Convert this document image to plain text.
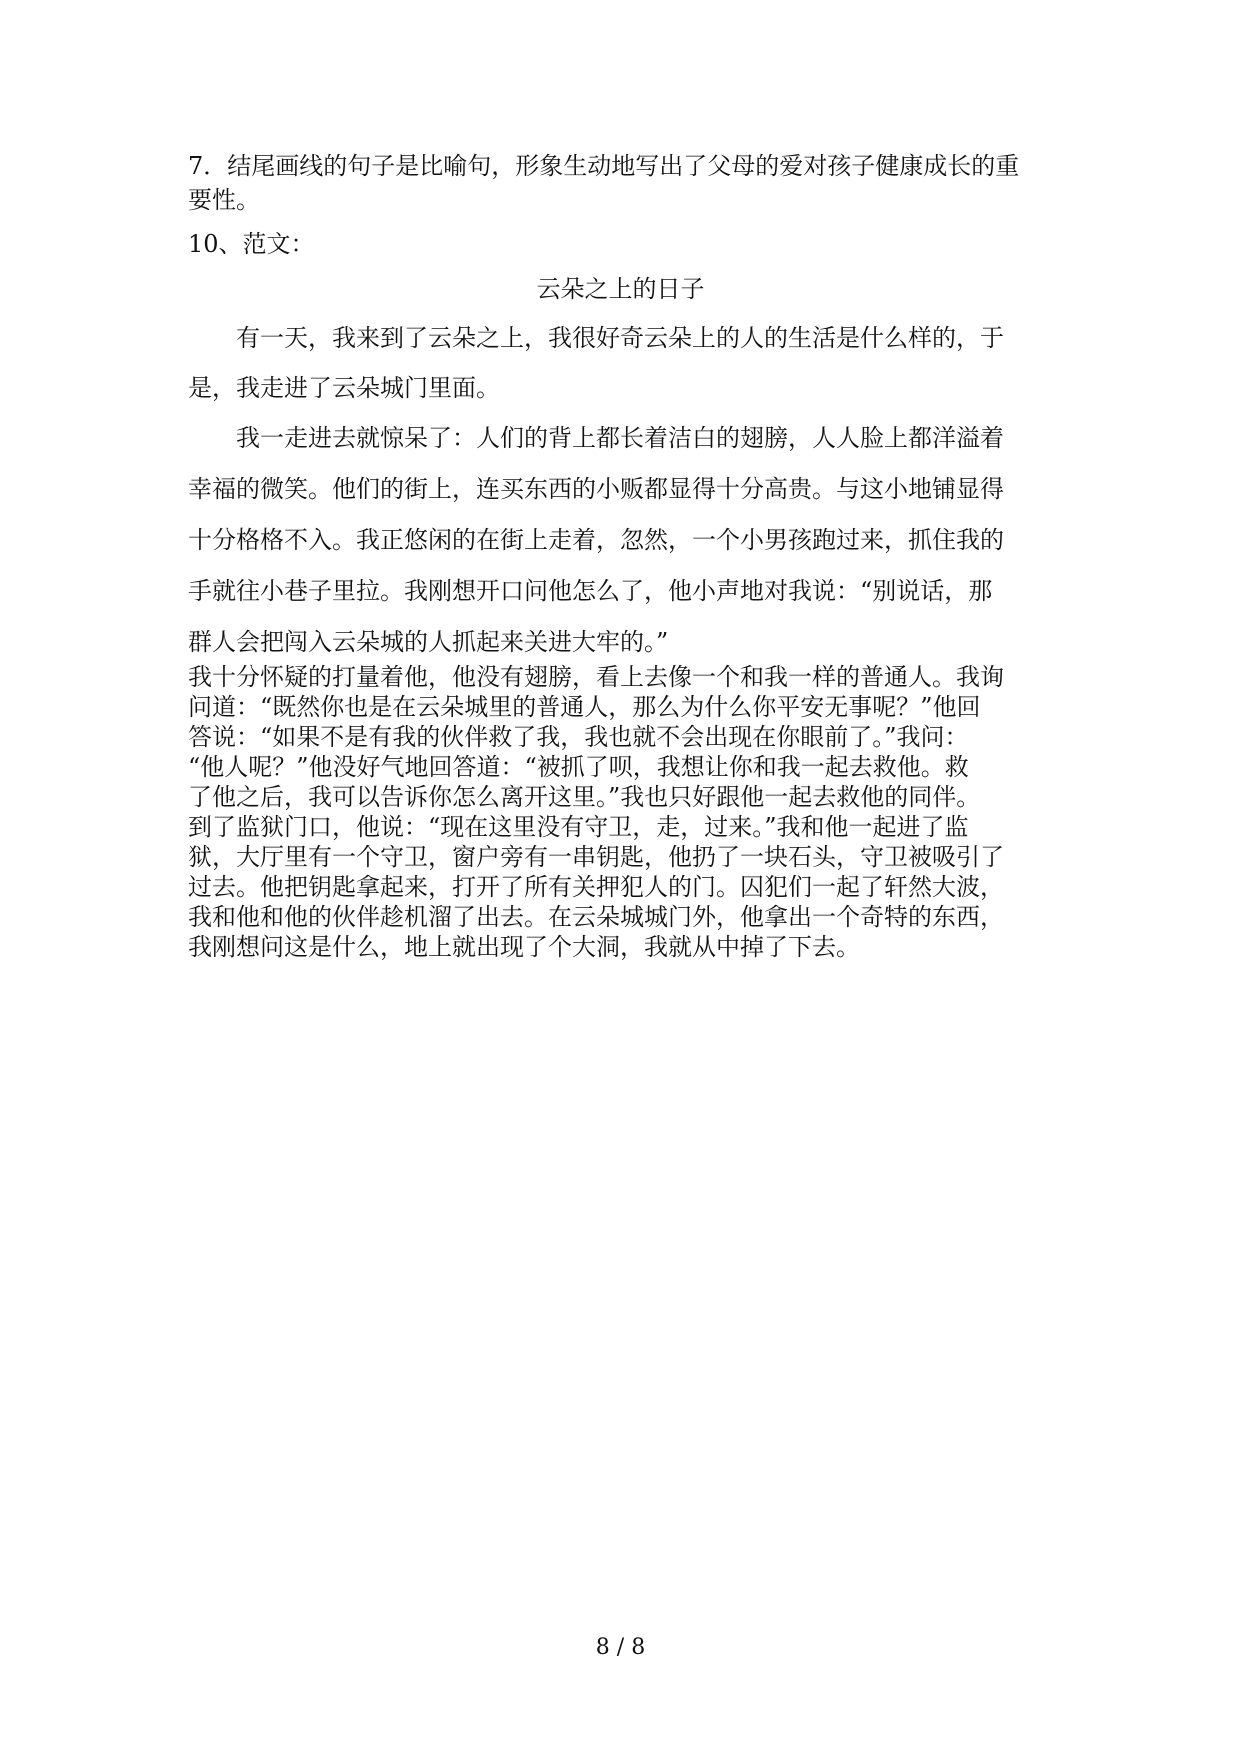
7．结尾画线的句子是比喻句，形象生动地写出了父母的爱对孩子健康成长的重
要性。
10、范文：
云朵之上的日子
有一天，我来到了云朵之上，我很好奇云朵上的人的生活是什么样的，于
是，我走进了云朵城门里面。
我一走进去就惊呆了：人们的背上都长着洁白的翅膀，人人脸上都洋溢着
幸福的微笑。他们的街上，连买东西的小贩都显得十分高贵。与这小地铺显得
十分格格不入。我正悠闲的在街上走着，忽然，一个小男孩跑过来，抓住我的
手就往小巷子里拉。我刚想开口问他怎么了，他小声地对我说：“别说话，那
群人会把闯入云朵城的人抓起来关进大牢的。”
我十分怀疑的打量着他，他没有翅膀，看上去像一个和我一样的普通人。我询
问道：“既然你也是在云朵城里的普通人，那么为什么你平安无事呢？”他回
答说：“如果不是有我的伙伴救了我，我也就不会出现在你眼前了。”我问：
“他人呢？”他没好气地回答道：“被抓了呗，我想让你和我一起去救他。救
了他之后，我可以告诉你怎么离开这里。”我也只好跟他一起去救他的同伴。
到了监狱门口，他说：“现在这里没有守卫，走，过来。”我和他一起进了监
狱，大厅里有一个守卫，窗户旁有一串钥匙，他扔了一块石头，守卫被吸引了
过去。他把钥匙拿起来，打开了所有关押犯人的门。囚犯们一起了轩然大波，
我和他和他的伙伴趁机溜了出去。在云朵城城门外，他拿出一个奇特的东西，
我刚想问这是什么，地上就出现了个大洞，我就从中掉了下去。
8 / 8
